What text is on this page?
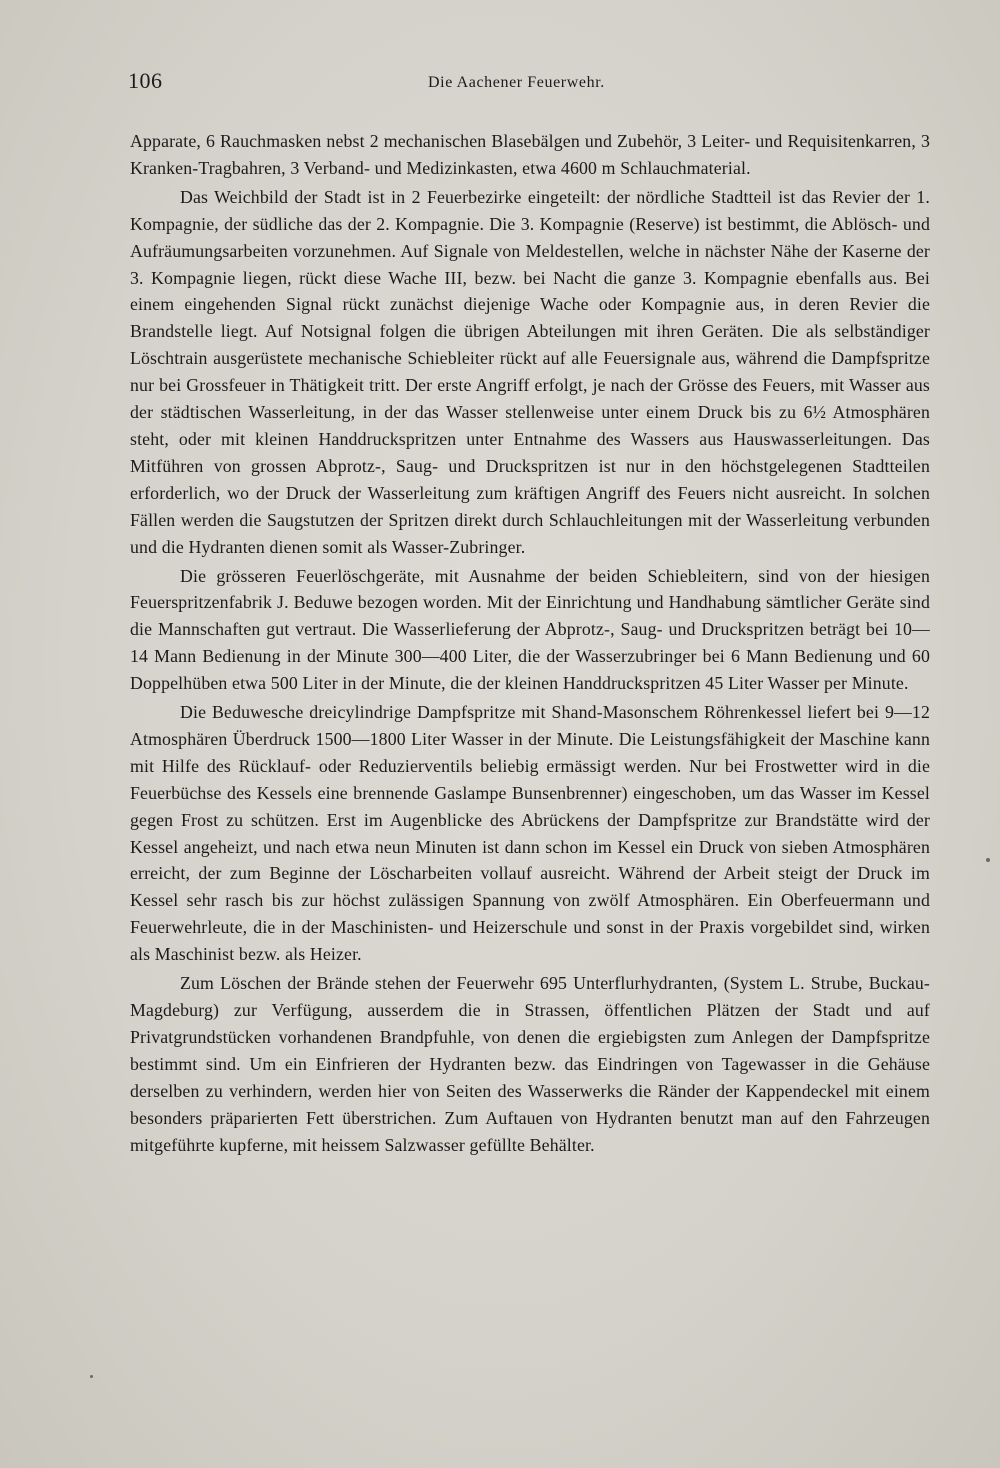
106	Die Aachener Feuerwehr.

Apparate, 6 Rauchmasken nebst 2 mechanischen Blasebälgen und Zubehör, 3 Leiter- und Requisitenkarren, 3 Kranken-Tragbahren, 3 Verband- und Medizinkasten, etwa 4600 m Schlauchmaterial.

Das Weichbild der Stadt ist in 2 Feuerbezirke eingeteilt: der nördliche Stadtteil ist das Revier der 1. Kompagnie, der südliche das der 2. Kompagnie. Die 3. Kompagnie (Reserve) ist bestimmt, die Ablösch- und Aufräumungsarbeiten vorzunehmen. Auf Signale von Meldestellen, welche in nächster Nähe der Kaserne der 3. Kompagnie liegen, rückt diese Wache III, bezw. bei Nacht die ganze 3. Kompagnie ebenfalls aus. Bei einem eingehenden Signal rückt zunächst diejenige Wache oder Kompagnie aus, in deren Revier die Brandstelle liegt. Auf Notsignal folgen die übrigen Abteilungen mit ihren Geräten. Die als selbständiger Löschtrain ausgerüstete mechanische Schiebleiter rückt auf alle Feuersignale aus, während die Dampfspritze nur bei Grossfeuer in Thätigkeit tritt. Der erste Angriff erfolgt, je nach der Grösse des Feuers, mit Wasser aus der städtischen Wasserleitung, in der das Wasser stellenweise unter einem Druck bis zu 6½ Atmosphären steht, oder mit kleinen Handdruckspritzen unter Entnahme des Wassers aus Hauswasserleitungen. Das Mitführen von grossen Abprotz-, Saug- und Druckspritzen ist nur in den höchstgelegenen Stadtteilen erforderlich, wo der Druck der Wasserleitung zum kräftigen Angriff des Feuers nicht ausreicht. In solchen Fällen werden die Saugstutzen der Spritzen direkt durch Schlauchleitungen mit der Wasserleitung verbunden und die Hydranten dienen somit als Wasser-Zubringer.

Die grösseren Feuerlöschgeräte, mit Ausnahme der beiden Schiebleitern, sind von der hiesigen Feuerspritzenfabrik J. Beduwe bezogen worden. Mit der Einrichtung und Handhabung sämtlicher Geräte sind die Mannschaften gut vertraut. Die Wasserlieferung der Abprotz-, Saug- und Druckspritzen beträgt bei 10—14 Mann Bedienung in der Minute 300—400 Liter, die der Wasserzubringer bei 6 Mann Bedienung und 60 Doppelhüben etwa 500 Liter in der Minute, die der kleinen Handdruckspritzen 45 Liter Wasser per Minute.

Die Beduwesche dreicylindrige Dampfspritze mit Shand-Masonschem Röhrenkessel liefert bei 9—12 Atmosphären Überdruck 1500—1800 Liter Wasser in der Minute. Die Leistungsfähigkeit der Maschine kann mit Hilfe des Rücklauf- oder Reduzierventils beliebig ermässigt werden. Nur bei Frostwetter wird in die Feuerbüchse des Kessels eine brennende Gaslampe Bunsenbrenner) eingeschoben, um das Wasser im Kessel gegen Frost zu schützen. Erst im Augenblicke des Abrückens der Dampfspritze zur Brandstätte wird der Kessel angeheizt, und nach etwa neun Minuten ist dann schon im Kessel ein Druck von sieben Atmosphären erreicht, der zum Beginne der Löscharbeiten vollauf ausreicht. Während der Arbeit steigt der Druck im Kessel sehr rasch bis zur höchst zulässigen Spannung von zwölf Atmosphären. Ein Oberfeuermann und Feuerwehrleute, die in der Maschinisten- und Heizerschule und sonst in der Praxis vorgebildet sind, wirken als Maschinist bezw. als Heizer.

Zum Löschen der Brände stehen der Feuerwehr 695 Unterflurhydranten, (System L. Strube, Buckau-Magdeburg) zur Verfügung, ausserdem die in Strassen, öffentlichen Plätzen der Stadt und auf Privatgrundstücken vorhandenen Brandpfuhle, von denen die ergiebigsten zum Anlegen der Dampfspritze bestimmt sind. Um ein Einfrieren der Hydranten bezw. das Eindringen von Tagewasser in die Gehäuse derselben zu verhindern, werden hier von Seiten des Wasserwerks die Ränder der Kappendeckel mit einem besonders präparierten Fett überstrichen. Zum Auftauen von Hydranten benutzt man auf den Fahrzeugen mitgeführte kupferne, mit heissem Salzwasser gefüllte Behälter.
